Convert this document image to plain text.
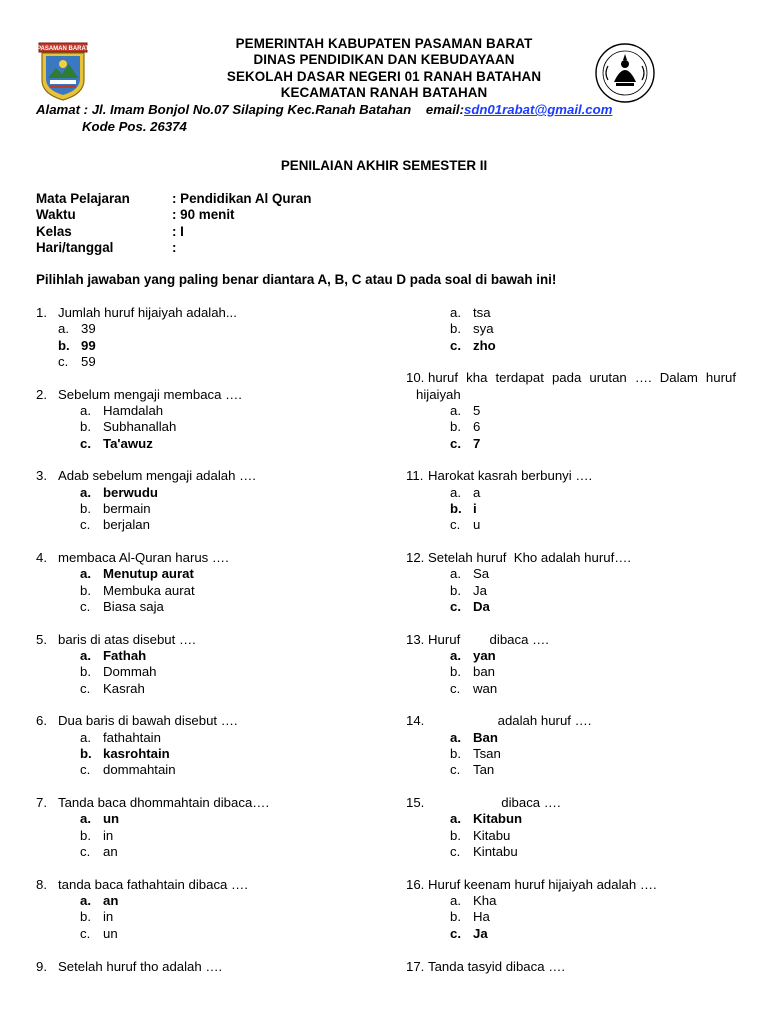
PASAMAN BARAT	PEMERINTAH KABUPATEN PASAMAN BARAT
DINAS PENDIDIKAN DAN KEBUDAYAAN
SEKOLAH DASAR NEGERI 01 RANAH BATAHAN
KECAMATAN RANAH BATAHAN
Alamat : Jl. Imam Bonjol No.07 Silaping Kec.Ranah Batahan email:sdn01rabat@gmail.com
Kode Pos. 26374
PENILAIAN AKHIR SEMESTER II
Mata Pelajaran	: Pendidikan Al Quran
Waktu	: 90 menit
Kelas	: I
Hari/tanggal	:
Pilihlah jawaban yang paling benar diantara A, B, C atau D pada soal di bawah ini!
1. Jumlah huruf hijaiyah adalah...
a. 39
b. 99
c. 59
2. Sebelum mengaji membaca ….
a. Hamdalah
b. Subhanallah
c. Ta'awuz
3. Adab sebelum mengaji adalah ….
a. berwudu
b. bermain
c. berjalan
4. membaca Al-Quran harus ….
a. Menutup aurat
b. Membuka aurat
c. Biasa saja
5. baris di atas disebut ….
a. Fathah
b. Dommah
c. Kasrah
6. Dua baris di bawah disebut ….
a. fathahtain
b. kasrohtain
c. dommahtain
7. Tanda baca dhommahtain dibaca….
a. un
b. in
c. an
8. tanda baca fathahtain dibaca ….
a. an
b. in
c. un
9. Setelah huruf tho adalah ….
a. tsa
b. sya
c. zho
10. huruf kha terdapat pada urutan …. Dalam huruf
hijaiyah
a. 5
b. 6
c. 7
11. Harokat kasrah berbunyi ….
a. a
b. i
c. u
12. Setelah huruf  Kho adalah huruf….
a. Sa
b. Ja
c. Da
13. Huruf        dibaca ….
a. yan
b. ban
c. wan
14. adalah huruf ….
a. Ban
b. Tsan
c. Tan
15. dibaca ….
a. Kitabun
b. Kitabu
c. Kintabu
16. Huruf keenam huruf hijaiyah adalah ….
a. Kha
b. Ha
c. Ja
17. Tanda tasyid dibaca ….
